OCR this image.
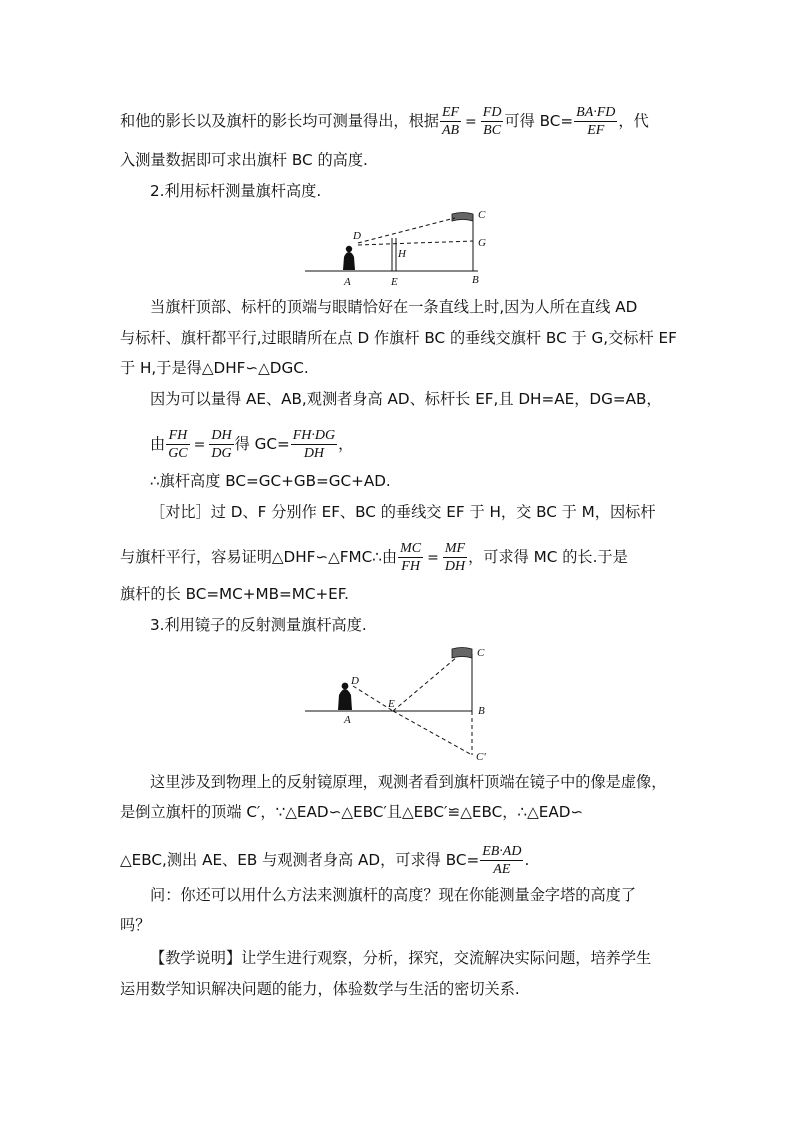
和他的影长以及旗杆的影长均可测量得出，根据 $\frac{EF}{AB} = \frac{FD}{BC}$ 可得 $BC= \frac{BA\cdot FD}{EF}$ ，代
入测量数据即可求出旗杆 BC 的高度.
2.利用标杆测量旗杆高度.
D
H
A	E	B
C
G
当旗杆顶部、标杆的顶端与眼睛恰好在一条直线上时,因为人所在直线 AD
与标杆、旗杆都平行,过眼睛所在点 D 作旗杆 BC 的垂线交旗杆 BC 于 G,交标杆 EF
于 H,于是得△DHF∽△DGC.
因为可以量得 AE、AB,观测者身高 AD、标杆长 EF,且 DH=AE，DG=AB，
由 $\frac{FH}{GC} = \frac{DH}{DG}$ 得 $GC= \frac{FH\cdot DG}{DH}$ ，
∴旗杆高度 BC=GC+GB=GC+AD.
［对比］过 D、F 分别作 EF、BC 的垂线交 EF 于 H，交 BC 于 M，因标杆
与旗杆平行，容易证明△DHF∽△FMC∴由 $\frac{MC}{FH} = \frac{MF}{DH}$ ，可求得 MC 的长.于是
旗杆的长 BC=MC+MB=MC+EF.
3.利用镜子的反射测量旗杆高度.
D
E
A
B
C
C'
这里涉及到物理上的反射镜原理，观测者看到旗杆顶端在镜子中的像是虚像，
是倒立旗杆的顶端 C′，∵△EAD∽△EBC′且△EBC′≌△EBC，∴△EAD∽
△EBC,测出 AE、EB 与观测者身高 AD，可求得 $BC= \frac{EB\cdot AD}{AE}$ .
问：你还可以用什么方法来测旗杆的高度？现在你能测量金字塔的高度了
吗？
【教学说明】让学生进行观察，分析，探究，交流解决实际问题，培养学生
运用数学知识解决问题的能力，体验数学与生活的密切关系.
